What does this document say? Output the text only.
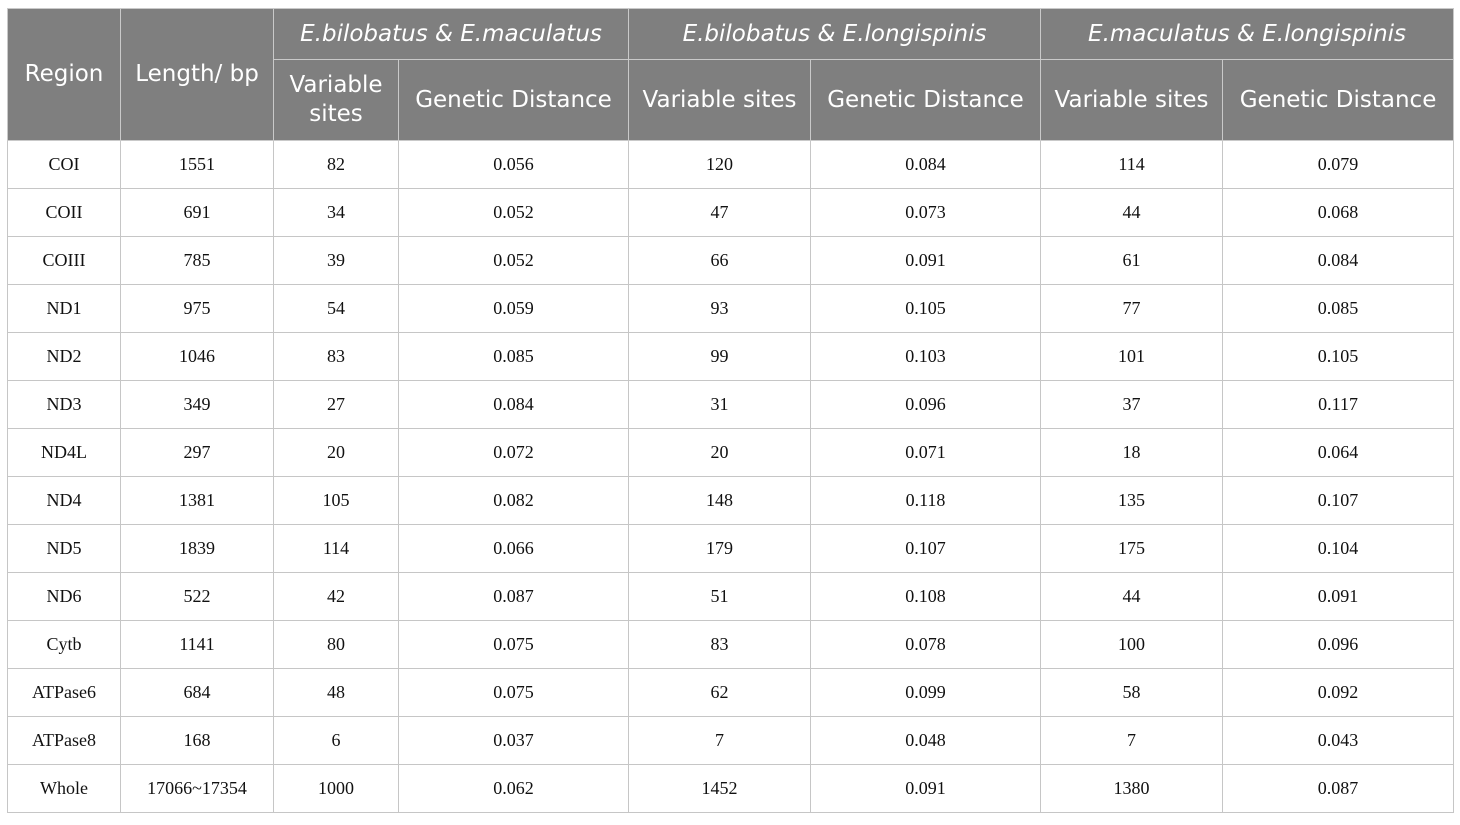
Region	Length/ bp	E.bilobatus & E.maculatus		E.bilobatus & E.longispinis		E.maculatus & E.longispinis	
		Variable sites	Genetic Distance	Variable sites	Genetic Distance	Variable sites	Genetic Distance
COI	1551	82	0.056	120	0.084	114	0.079
COII	691	34	0.052	47	0.073	44	0.068
COIII	785	39	0.052	66	0.091	61	0.084
ND1	975	54	0.059	93	0.105	77	0.085
ND2	1046	83	0.085	99	0.103	101	0.105
ND3	349	27	0.084	31	0.096	37	0.117
ND4L	297	20	0.072	20	0.071	18	0.064
ND4	1381	105	0.082	148	0.118	135	0.107
ND5	1839	114	0.066	179	0.107	175	0.104
ND6	522	42	0.087	51	0.108	44	0.091
Cytb	1141	80	0.075	83	0.078	100	0.096
ATPase6	684	48	0.075	62	0.099	58	0.092
ATPase8	168	6	0.037	7	0.048	7	0.043
Whole	17066~17354	1000	0.062	1452	0.091	1380	0.087
